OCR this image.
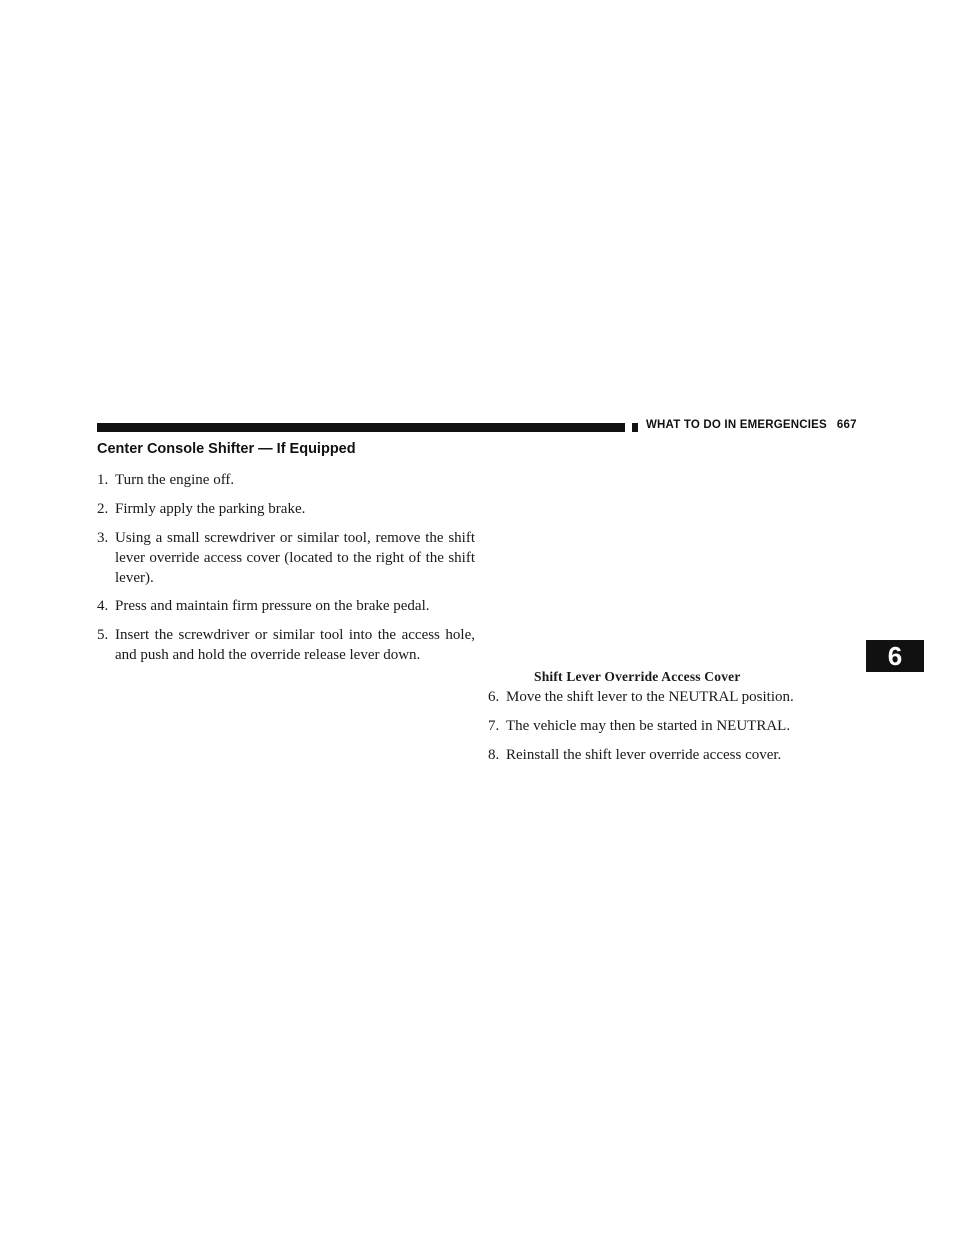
WHAT TO DO IN EMERGENCIES 667
Center Console Shifter — If Equipped
1. Turn the engine off.
2. Firmly apply the parking brake.
3. Using a small screwdriver or similar tool, remove the shift lever override access cover (located to the right of the shift lever).
4. Press and maintain firm pressure on the brake pedal.
5. Insert the screwdriver or similar tool into the access hole, and push and hold the override release lever down.
Shift Lever Override Access Cover
6. Move the shift lever to the NEUTRAL position.
7. The vehicle may then be started in NEUTRAL.
8. Reinstall the shift lever override access cover.
6
